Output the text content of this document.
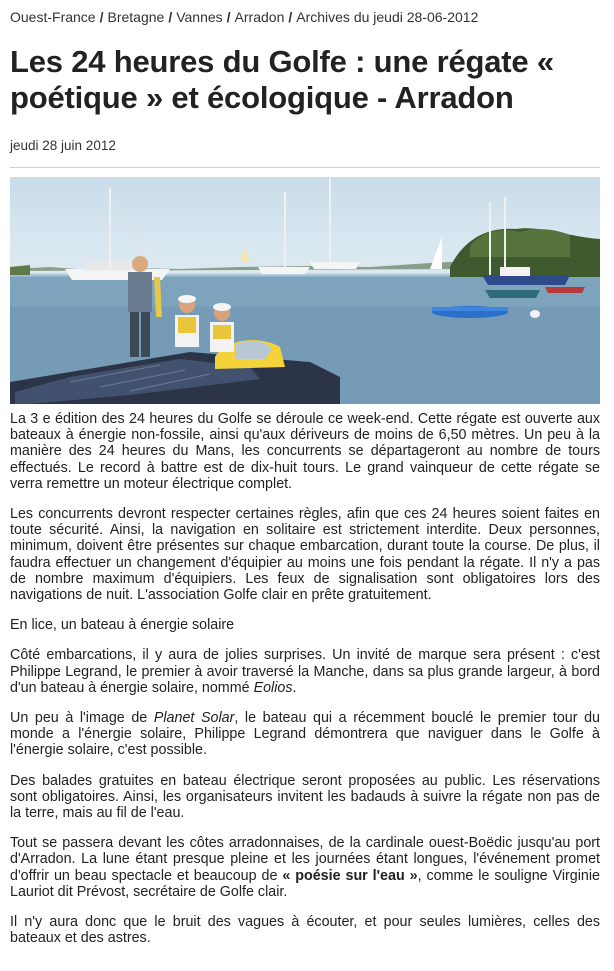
Ouest-France / Bretagne / Vannes / Arradon / Archives du jeudi 28-06-2012
Les 24 heures du Golfe : une régate « poétique » et écologique - Arradon
jeudi 28 juin 2012

La 3 e édition des 24 heures du Golfe se déroule ce week-end. Cette régate est ouverte aux bateaux à énergie non-fossile, ainsi qu'aux dériveurs de moins de 6,50 mètres. Un peu à la manière des 24 heures du Mans, les concurrents se départageront au nombre de tours effectués. Le record à battre est de dix-huit tours. Le grand vainqueur de cette régate se verra remettre un moteur électrique complet.

Les concurrents devront respecter certaines règles, afin que ces 24 heures soient faites en toute sécurité. Ainsi, la navigation en solitaire est strictement interdite. Deux personnes, minimum, doivent être présentes sur chaque embarcation, durant toute la course. De plus, il faudra effectuer un changement d'équipier au moins une fois pendant la régate. Il n'y a pas de nombre maximum d'équipiers. Les feux de signalisation sont obligatoires lors des navigations de nuit. L'association Golfe clair en prête gratuitement.

En lice, un bateau à énergie solaire

Côté embarcations, il y aura de jolies surprises. Un invité de marque sera présent : c'est Philippe Legrand, le premier à avoir traversé la Manche, dans sa plus grande largeur, à bord d'un bateau à énergie solaire, nommé Eolios.

Un peu à l'image de Planet Solar, le bateau qui a récemment bouclé le premier tour du monde a l'énergie solaire, Philippe Legrand démontrera que naviguer dans le Golfe à l'énergie solaire, c'est possible.

Des balades gratuites en bateau électrique seront proposées au public. Les réservations sont obligatoires. Ainsi, les organisateurs invitent les badauds à suivre la régate non pas de la terre, mais au fil de l'eau.

Tout se passera devant les côtes arradonnaises, de la cardinale ouest-Boëdic jusqu'au port d'Arradon. La lune étant presque pleine et les journées étant longues, l'événement promet d'offrir un beau spectacle et beaucoup de « poésie sur l'eau », comme le souligne Virginie Lauriot dit Prévost, secrétaire de Golfe clair.

Il n'y aura donc que le bruit des vagues à écouter, et pour seules lumières, celles des bateaux et des astres.
